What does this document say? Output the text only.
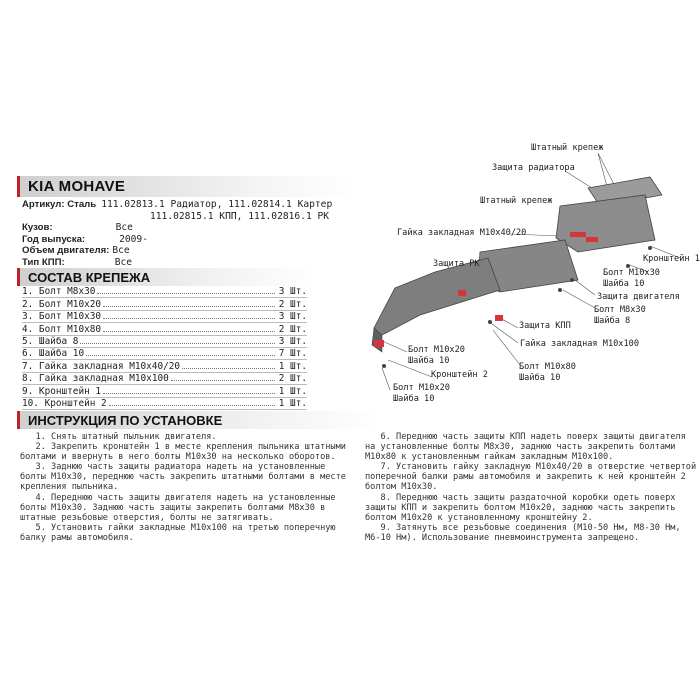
KIA MOHAVE
Артикул: Сталь 111.02813.1 Радиатор, 111.02814.1 Картер
111.02815.1 КПП, 111.02816.1 РК
Кузов:	Все
Год выпуска:	2009-
Объем двигателя: Все
Тип КПП:	Все
СОСТАВ КРЕПЕЖА
1. Болт М8х30	3 Шт.
2. Болт М10х20	2 Шт.
3. Болт М10х30	3 Шт.
4. Болт М10х80	2 Шт.
5. Шайба 8	3 Шт.
6. Шайба 10	7 Шт.
7. Гайка закладная М10х40/20	1 Шт.
8. Гайка закладная М10х100	2 Шт.
9. Кронштейн 1	1 Шт.
10. Кронштейн 2	1 Шт.
ИНСТРУКЦИЯ ПО УСТАНОВКЕ
1. Снять штатный пыльник двигателя.
2. Закрепить кронштейн 1 в месте крепления пыльника штатными
болтами и ввернуть в него болты М10х30 на несколько оборотов.
3. Заднюю часть защиты радиатора надеть на установленные
болты М10х30, переднюю часть закрепить штатными болтами в месте
крепления пыльника.
4. Переднюю часть защиты двигателя надеть на установленные
болты М10х30. Заднюю часть защиты закрепить болтами М8х30 в
штатные резьбовые отверстия, болты не затягивать.
5. Установить гайки закладные М10х100 на третью поперечную
балку рамы автомобиля.
6. Переднюю часть защиты КПП надеть поверх защиты двигателя
на установленные болты М8х30, заднюю часть закрепить болтами
М10х80 к установленным гайкам закладным М10х100.
7. Установить гайку закладную М10х40/20 в отверстие четвертой
поперечной балки рамы автомобиля и закрепить к ней кронштейн 2
болтом М10х30.
8. Переднюю часть защиты раздаточной коробки одеть поверх
защиты КПП и закрепить болтом М10х20, заднюю часть закрепить
болтом М10х20 к установленному кронштейну 2.
9. Затянуть все резьбовые соединения (М10-50 Нм, М8-30 Нм,
М6-10 Нм). Использование пневмоинструмента запрещено.
Штатный крепеж
Защита радиатора
Штатный крепеж
Гайка закладная М10х40/20
Защита РК	Кронштейн 1
Болт М10х30
Шайба 10
Защита двигателя
Болт М8х30
Шайба 8
Защита КПП
Гайка закладная М10х100
Болт М10х20
Шайба 10
Болт М10х80
Шайба 10
Кронштейн 2
Болт М10х20
Шайба 10
